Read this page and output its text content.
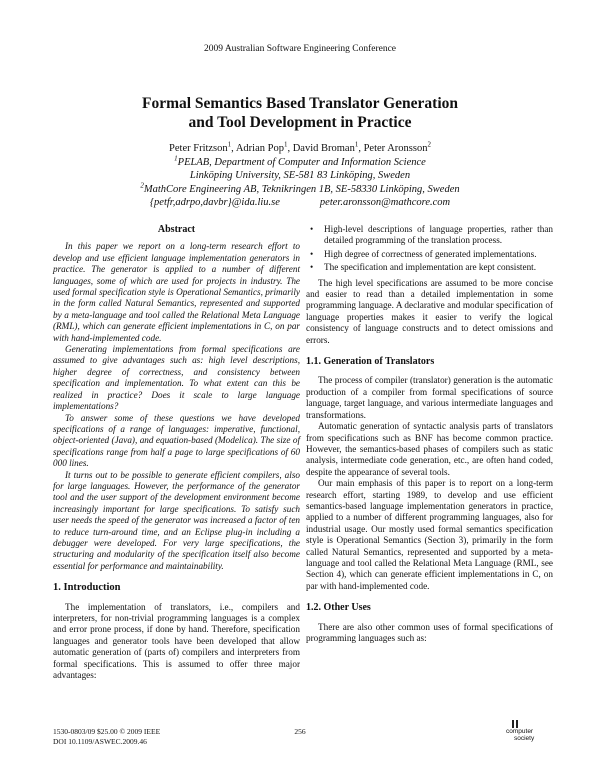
2009 Australian Software Engineering Conference
Formal Semantics Based Translator Generation
and Tool Development in Practice
Peter Fritzson$^1$, Adrian Pop$^1$, David Broman$^1$, Peter Aronsson$^2$
$^1$PELAB, Department of Computer and Information Science
Linköping University, SE-581 83 Linköping, Sweden
$^2$MathCore Engineering AB, Teknikringen 1B, SE-58330 Linköping, Sweden
{petfr,adrpo,davbr}@ida.liu.se	peter.aronsson@mathcore.com
Abstract

In this paper we report on a long-term research effort to develop and use efficient language implementation generators in practice. The generator is applied to a number of different languages, some of which are used for projects in industry. The used formal specification style is Operational Semantics, primarily in the form called Natural Semantics, represented and supported by a meta-language and tool called the Relational Meta Language (RML), which can generate efficient implementations in C, on par with hand-implemented code.

Generating implementations from formal specifications are assumed to give advantages such as: high level descriptions, higher degree of correctness, and consistency between specification and implementation. To what extent can this be realized in practice? Does it scale to large language implementations?

To answer some of these questions we have developed specifications of a range of languages: imperative, functional, object-oriented (Java), and equation-based (Modelica). The size of specifications range from half a page to large specifications of 60 000 lines.

It turns out to be possible to generate efficient compilers, also for large languages. However, the performance of the generator tool and the user support of the development environment become increasingly important for large specifications. To satisfy such user needs the speed of the generator was increased a factor of ten to reduce turn-around time, and an Eclipse plug-in including a debugger were developed. For very large specifications, the structuring and modularity of the specification itself also become essential for performance and maintainability.

1. Introduction

The implementation of translators, i.e., compilers and interpreters, for non-trivial programming languages is a complex and error prone process, if done by hand. Therefore, specification languages and generator tools have been developed that allow automatic generation of (parts of) compilers and interpreters from formal specifications. This is assumed to offer three major advantages:

• High-level descriptions of language properties, rather than detailed programming of the translation process.
• High degree of correctness of generated implementations.
• The specification and implementation are kept consistent.

The high level specifications are assumed to be more concise and easier to read than a detailed implementation in some programming language. A declarative and modular specification of language properties makes it easier to verify the logical consistency of language constructs and to detect omissions and errors.

1.1. Generation of Translators

The process of compiler (translator) generation is the automatic production of a compiler from formal specifications of source language, target language, and various intermediate languages and transformations.

Automatic generation of syntactic analysis parts of translators from specifications such as BNF has become common practice. However, the semantics-based phases of compilers such as static analysis, intermediate code generation, etc., are often hand coded, despite the appearance of several tools.

Our main emphasis of this paper is to report on a long-term research effort, starting 1989, to develop and use efficient semantics-based language implementation generators in practice, applied to a number of different programming languages, also for industrial usage. Our mostly used formal semantics specification style is Operational Semantics (Section 3), primarily in the form called Natural Semantics, represented and supported by a meta-language and tool called the Relational Meta Language (RML, see Section 4), which can generate efficient implementations in C, on par with hand-implemented code.

1.2. Other Uses

There are also other common uses of formal specifications of programming languages such as:

1530-0803/09 $25.00 © 2009 IEEE
DOI 10.1109/ASWEC.2009.46
256	computer
society
